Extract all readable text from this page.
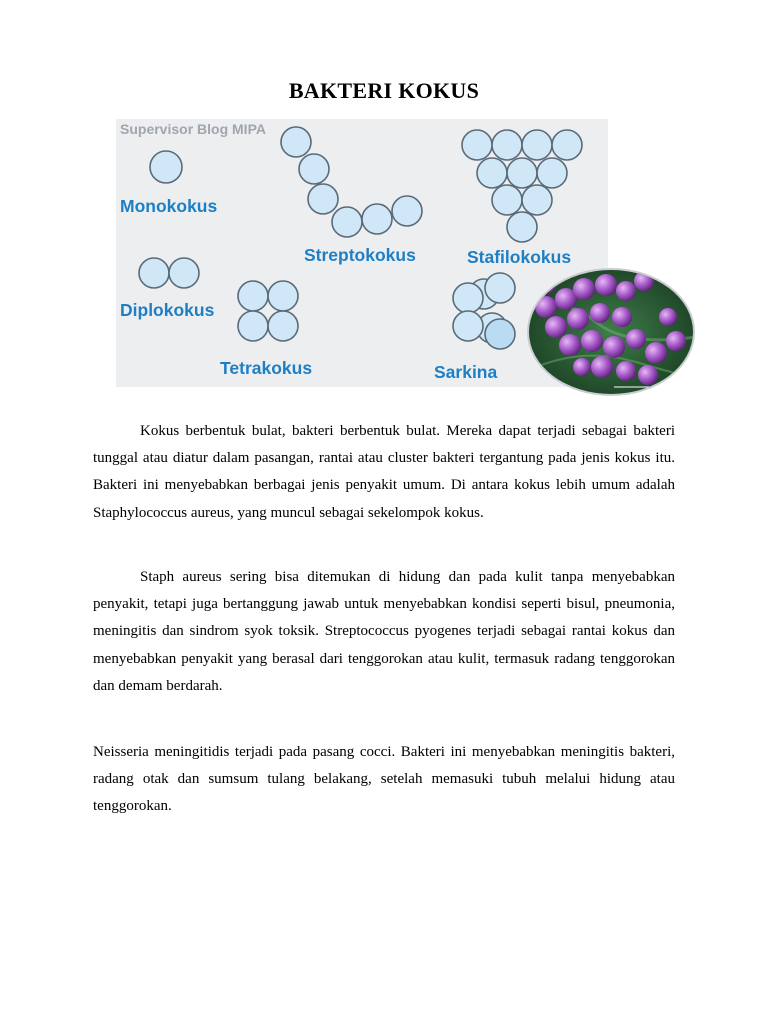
BAKTERI KOKUS
Supervisor Blog MIPA
Monokokus
Streptokokus	Stafilokokus
Diplokokus
Tetrakokus	Sarkina

Kokus berbentuk bulat, bakteri berbentuk bulat. Mereka dapat terjadi sebagai bakteri tunggal atau diatur dalam pasangan, rantai atau cluster bakteri tergantung pada jenis kokus itu. Bakteri ini menyebabkan berbagai jenis penyakit umum. Di antara kokus lebih umum adalah Staphylococcus aureus, yang muncul sebagai sekelompok kokus.

Staph aureus sering bisa ditemukan di hidung dan pada kulit tanpa menyebabkan penyakit, tetapi juga bertanggung jawab untuk menyebabkan kondisi seperti bisul, pneumonia, meningitis dan sindrom syok toksik. Streptococcus pyogenes terjadi sebagai rantai kokus dan menyebabkan penyakit yang berasal dari tenggorokan atau kulit, termasuk radang tenggorokan dan demam berdarah.

Neisseria meningitidis terjadi pada pasang cocci. Bakteri ini menyebabkan meningitis bakteri, radang otak dan sumsum tulang belakang, setelah memasuki tubuh melalui hidung atau tenggorokan.
